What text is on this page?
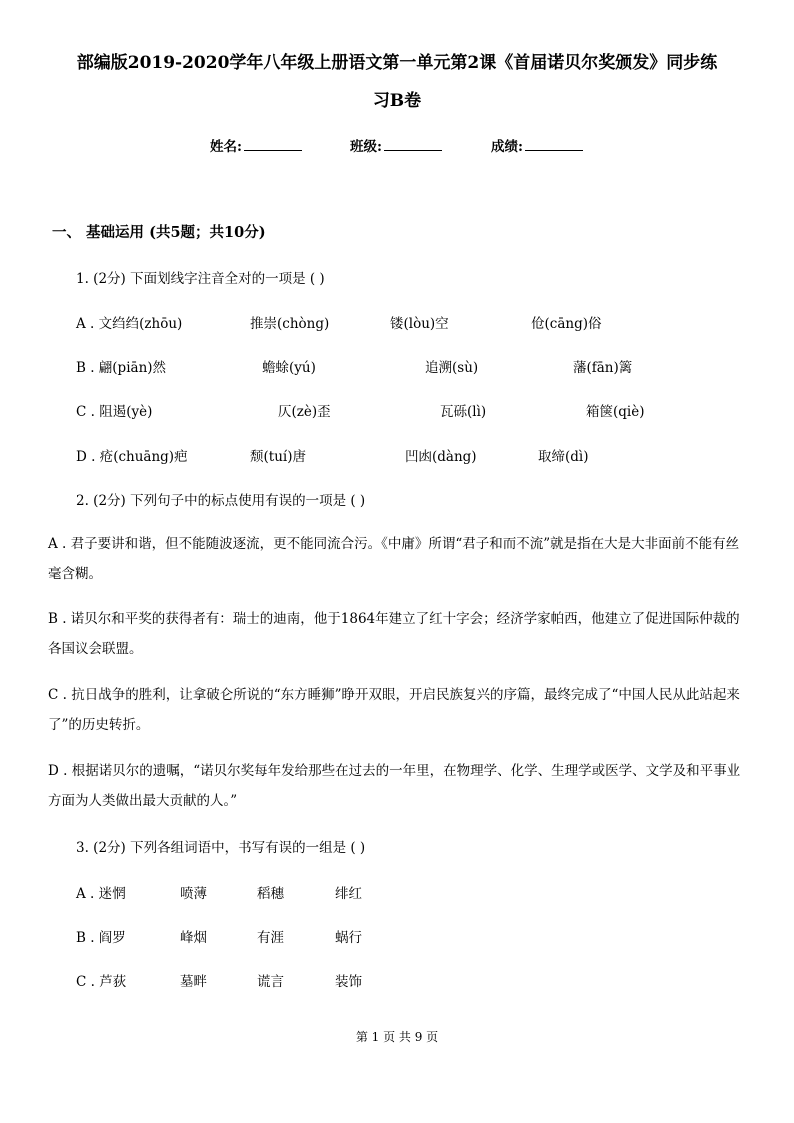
部编版2019-2020学年八年级上册语文第一单元第2课《首届诺贝尔奖颁发》同步练
习B卷
姓名:	班级:	成绩:
一、 基础运用 (共5题；共10分)
1. (2分) 下面划线字注音全对的一项是 ( )
A . 文绉绉(zhōu)	推崇(chòng)	镂(lòu)空	伧(cāng)俗
B . 翩(piān)然	蟾蜍(yú)	追溯(sù)	藩(fān)篱
C . 阻遏(yè)	仄(zè)歪	瓦砾(lì)	箱箧(qiè)
D . 疮(chuāng)疤	颓(tuí)唐	凹凼(dàng)	取缔(dì)
2. (2分) 下列句子中的标点使用有误的一项是 ( )
A . 君子要讲和谐，但不能随波逐流，更不能同流合污。《中庸》所谓“君子和而不流”就是指在大是大非面前不能有丝毫含糊。
B . 诺贝尔和平奖的获得者有：瑞士的迪南，他于1864年建立了红十字会；经济学家帕西，他建立了促进国际仲裁的各国议会联盟。
C . 抗日战争的胜利，让拿破仑所说的“东方睡狮”睁开双眼，开启民族复兴的序篇，最终完成了“中国人民从此站起来了”的历史转折。
D . 根据诺贝尔的遗嘱，“诺贝尔奖每年发给那些在过去的一年里，在物理学、化学、生理学或医学、文学及和平事业方面为人类做出最大贡献的人。”
3. (2分) 下列各组词语中，书写有误的一组是 ( )
A . 迷惘	喷薄	稻穗	绯红
B . 阎罗	峰烟	有涯	蜗行
C . 芦荻	墓畔	谎言	装饰
第 1 页 共 9 页
